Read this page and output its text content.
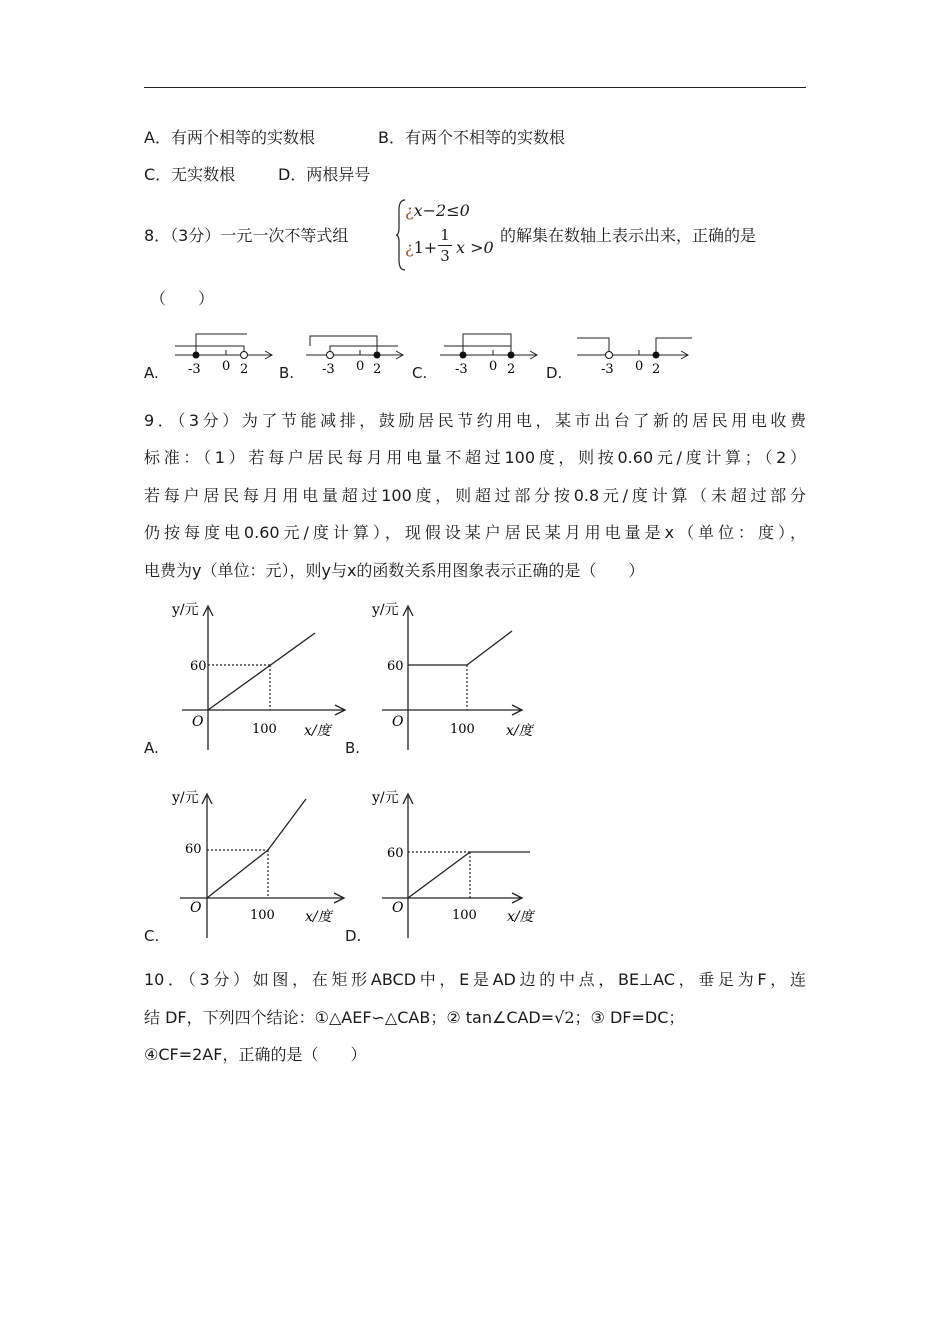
A．有两个相等的实数根	B．有两个不相等的实数根
C．无实数根	D．两根异号
8．（3分）一元一次不等式组
¿x−2≤0
¿1+
1
3 x >0
的解集在数轴上表示出来，正确的是
（　　）
A. -3 0 2 B. -3 0 2 C. -3 0 2 D.	-3 0 2
9．（3分）为了节能减排，鼓励居民节约用电，某市出台了新的居民用电收费
标准：（1）若每户居民每月用电量不超过100度，则按0.60元/度计算；（2）
若每户居民每月用电量超过100度，则超过部分按0.8元/度计算（未超过部分
仍按每度电0.60元/度计算），现假设某户居民某月用电量是x（单位：度），
电费为y（单位：元），则y与x的函数关系用图象表示正确的是（　　）
A.
y/元
60
O	100 x/度
B.
y/元
60
O	100 x/度
C.
y/元
60
O	100 x/度
D.
y/元
60
O	100 x/度
10．（3分）如图，在矩形ABCD中，E是AD边的中点，BE⊥AC，垂足为F，连
结 DF，下列四个结论：①△AEF∽△CAB；② tan∠CAD=√2；③ DF=DC；
④CF=2AF，正确的是（　　）
